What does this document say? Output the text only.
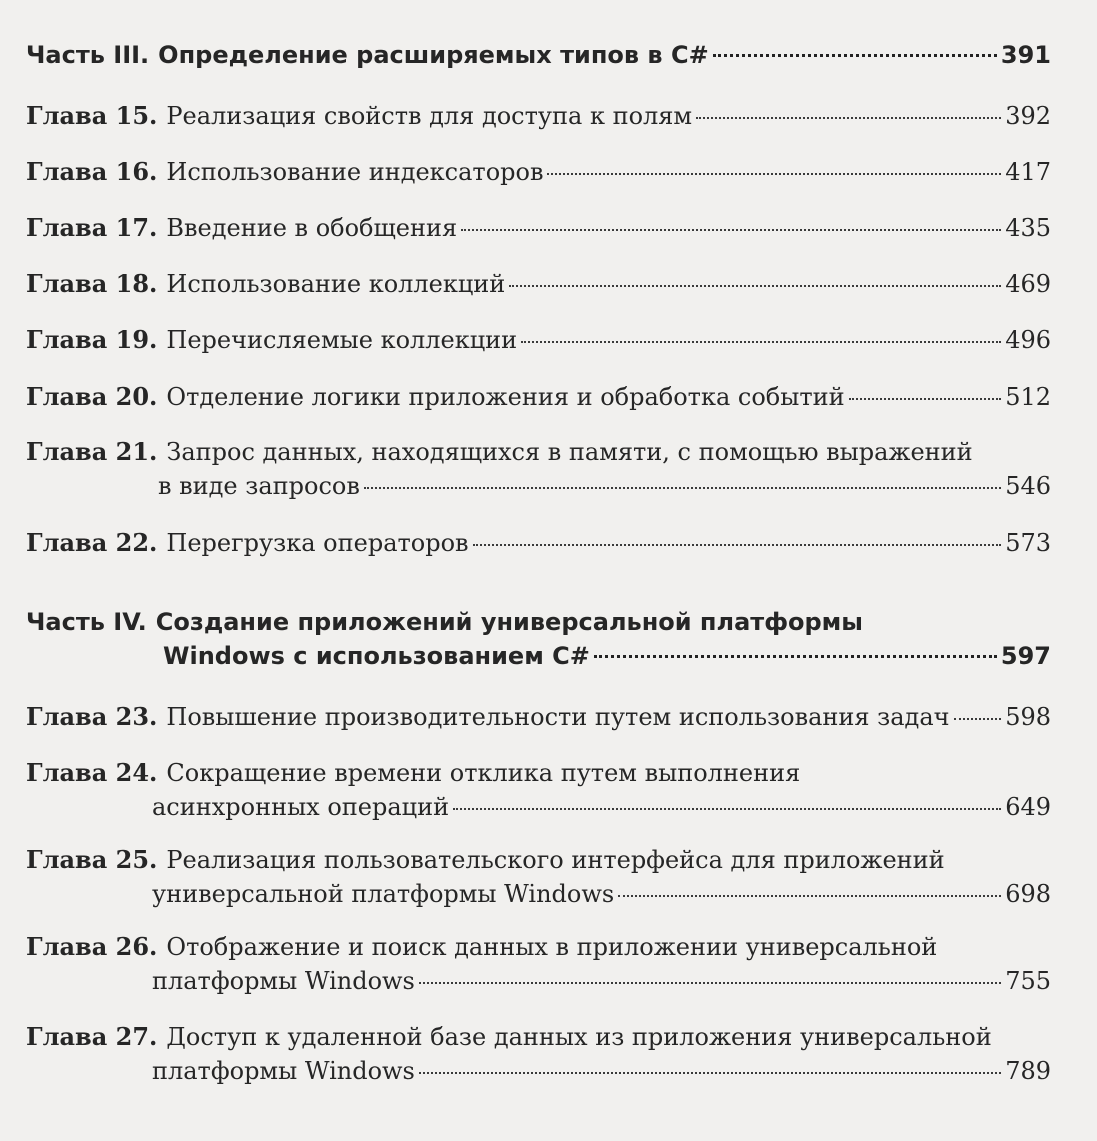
Часть III. Определение расширяемых типов в C#	391
Глава 15. Реализация свойств для доступа к полям	392
Глава 16. Использование индексаторов	417
Глава 17. Введение в обобщения	435
Глава 18. Использование коллекций	469
Глава 19. Перечисляемые коллекции	496
Глава 20. Отделение логики приложения и обработка событий	512
Глава 21. Запрос данных, находящихся в памяти, с помощью выражений
в виде запросов	546
Глава 22. Перегрузка операторов	573
Часть IV. Создание приложений универсальной платформы
Windows с использованием C#	597
Глава 23. Повышение производительности путем использования задач 598
Глава 24. Сокращение времени отклика путем выполнения
асинхронных операций	649
Глава 25. Реализация пользовательского интерфейса для приложений
универсальной платформы Windows	698
Глава 26. Отображение и поиск данных в приложении универсальной
платформы Windows	755
Глава 27. Доступ к удаленной базе данных из приложения универсальной
платформы Windows	789
